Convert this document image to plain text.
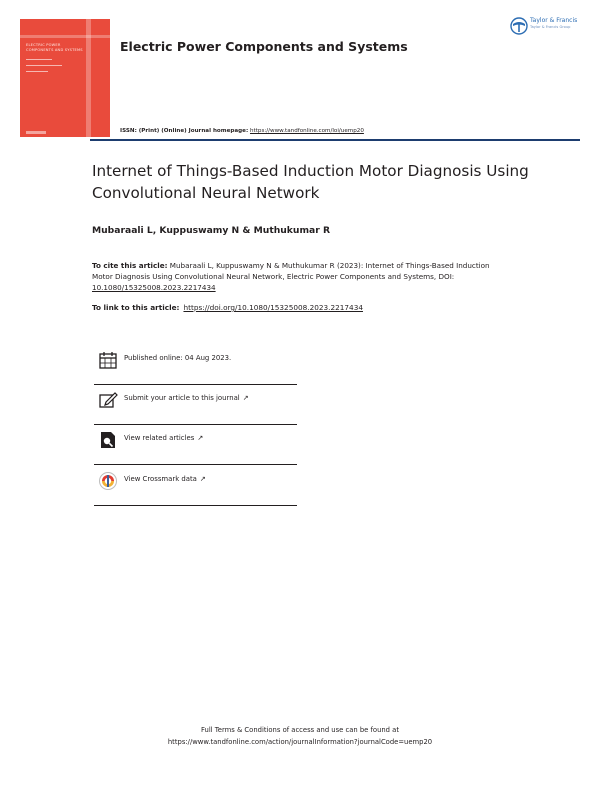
ELECTRIC POWER
COMPONENTS AND SYSTEMS	Electric Power Components and Systems
Taylor & Francis
Taylor & Francis Group
ISSN: (Print) (Online) Journal homepage: https://www.tandfonline.com/loi/uemp20
Internet of Things-Based Induction Motor Diagnosis Using Convolutional Neural Network
Mubaraali L, Kuppuswamy N & Muthukumar R
To cite this article: Mubaraali L, Kuppuswamy N & Muthukumar R (2023): Internet of Things-Based Induction Motor Diagnosis Using Convolutional Neural Network, Electric Power Components and Systems, DOI: 10.1080/15325008.2023.2217434
To link to this article: https://doi.org/10.1080/15325008.2023.2217434
Published online: 04 Aug 2023.
Submit your article to this journal ↗
View related articles ↗
View Crossmark data ↗
Full Terms & Conditions of access and use can be found at
https://www.tandfonline.com/action/journalInformation?journalCode=uemp20
